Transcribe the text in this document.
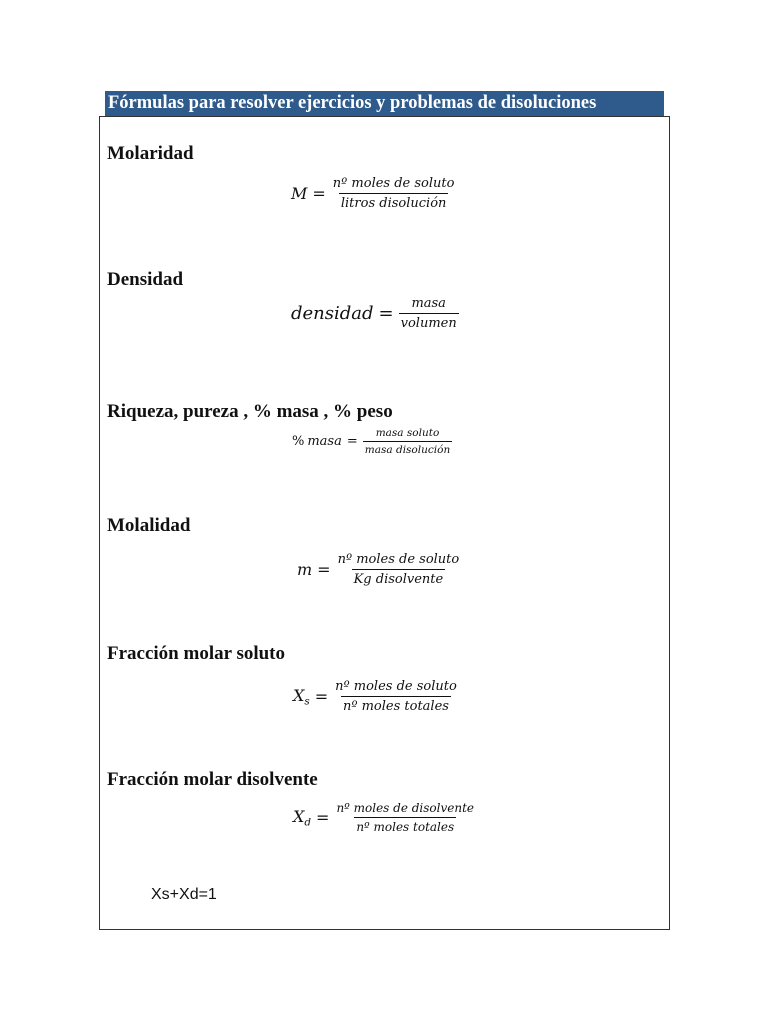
Fórmulas para resolver ejercicios y problemas de disoluciones
Molaridad
$M = \frac{\text{nº moles de soluto}}{\text{litros disolución}}$
Densidad
densidad = $\frac{\text{masa}}{\text{volumen}}$
Riqueza, pureza , % masa , % peso
% masa = $\frac{\text{masa soluto}}{\text{masa disolución}}$
Molalidad
$m = \frac{\text{nº moles de soluto}}{\text{Kg disolvente}}$
Fracción molar soluto
$X_s = \frac{\text{nº moles de soluto}}{\text{nº moles totales}}$
Fracción molar disolvente
$X_d = \frac{\text{nº moles de disolvente}}{\text{nº moles totales}}$
Xs+Xd=1
